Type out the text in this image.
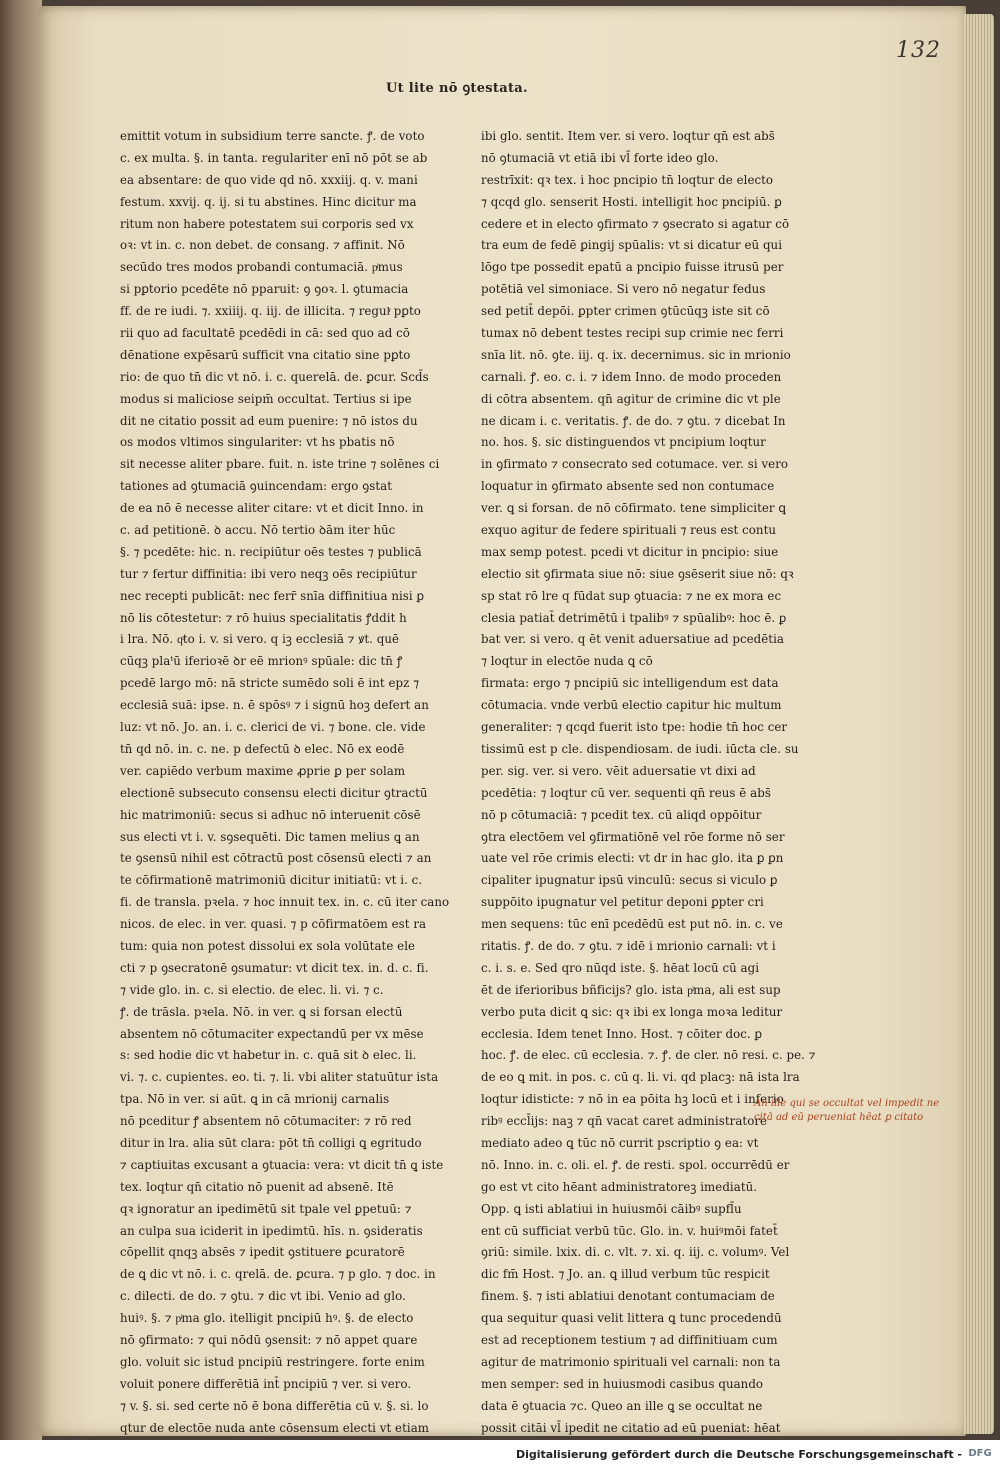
132
Ut lite nō ꝯtestata.
emittit votum in subsidium terre sancte. ꝭ. de voto
c. ex multa. §. in tanta. regulariter enī nō pōt se ab
ea absentare: de quo vide qd nō. xxxiij. q. v. mani
festum. xxvij. q. ij. si tu abstines. Hinc dicitur ma
ritum non habere potestatem sui corporis sed vx
oꝛ: vt in. c. non debet. de consang. ⁊ affinit. Nō
secūdo tres modos probandi contumaciā. pͥmus
si pꝑtorio pcedēte nō pparuit: ꝯ ꝯoꝛ. l. ꝯtumacia
ff. de re iudi. ⁊. xxiiij. q. iij. de illicita. ⁊ regulͬ pꝑto
rii quo ad facultatē pcedēdi in cā: sed quo ad cō
dēnatione expēsarū sufficit vna citatio sine pꝑto
rio: de quo tn̄ dic vt nō. i. c. querelā. de. ꝑcur. Scd̄s
modus si maliciose seipm̄ occultat. Tertius si ipe
dit ne citatio possit ad eum puenire: ⁊ nō istos du
os modos vltimos singulariter: vt hs pbatis nō
sit necesse aliter pbare. fuit. n. iste trine ⁊ solēnes ci
tationes ad ꝯtumaciā ꝯuincendam: ergo ꝯstat
de ea nō ē necesse aliter citare: vt et dicit Inno. in
c. ad petitionē. ꝺ accu. Nō tertio ꝺām iter hūc
§. ⁊ pcedēte: hic. n. recipiūtur oēs testes ⁊ publicā
tur ⁊ fertur diffinitia: ibi vero neqꝫ oēs recipiūtur
nec recepti publicāt: nec ferr̄ snīa diffinitiua nisi ꝑ
nō lis cōtestetur: ⁊ rō huius specialitatis ꝭddit h
i lra. Nō. qͦto i. v. si vero. q iꝫ ecclesiā ⁊ ꝟt. quē
cūqꝫ plaᵗū iferioꝛē ꝺr eē mrionꝰ spūale: dic tn̄ ꝭ
pcedē largo mō: nā stricte sumēdo soli ē int epz ⁊
ecclesiā suā: ipse. n. ē spōsꝰ ⁊ i signū hoꝫ defert an
luz: vt nō. Jo. an. i. c. clerici de vi. ⁊ bone. cle. vide
tn̄ qd nō. in. c. ne. p defectū ꝺ elec. Nō ex eodē
ver. capiēdo verbum maxime ꝓprie ꝑ per solam
electionē subsecuto consensu electi dicitur ꝯtractū
hic matrimoniū: secus si adhuc nō interuenit cōsē
sus electi vt i. v. sꝯsequēti. Dic tamen melius ꝗ an
te ꝯsensū nihil est cōtractū post cōsensū electi ⁊ an
te cōfirmationē matrimoniū dicitur initiatū: vt i. c.
fi. de transla. pꝛela. ⁊ hoc innuit tex. in. c. cū iter cano
nicos. de elec. in ver. quasi. ⁊ p cōfirmatōem est ra
tum: quia non potest dissolui ex sola volūtate ele
cti ⁊ p ꝯsecratonē ꝯsumatur: vt dicit tex. in. d. c. fi.
⁊ vide glo. in. c. si electio. de elec. li. vi. ⁊ c.
ꝭ. de trāsla. pꝛela. Nō. in ver. ꝗ si forsan electū
absentem nō cōtumaciter expectandū per vx mēse
s: sed hodie dic vt habetur in. c. quā sit ꝺ elec. li.
vi. ⁊. c. cupientes. eo. ti. ⁊. li. vbi aliter statuūtur ista
tpa. Nō in ver. si aūt. ꝗ in cā mrionij carnalis
nō pceditur ꝭ absentem nō cōtumaciter: ⁊ rō red
ditur in lra. alia sūt clara: pōt tn̄ colligi ꝗ egritudo
⁊ captiuitas excusant a ꝯtuacia: vera: vt dicit tn̄ ꝗ iste
tex. loqtur qn̄ citatio nō puenit ad absenē. Itē
qꝛ ignoratur an ipedimētū sit tpale vel ꝑpetuū: ⁊
an culpa sua iciderit in ipedimtū. hīs. n. ꝯsideratis
cōpellit qnqꝫ absēs ⁊ ipedit ꝯstituere ꝑcuratorē
de ꝗ dic vt nō. i. c. qrelā. de. ꝑcura. ⁊ p glo. ⁊ doc. in
c. dilecti. de do. ⁊ ꝯtu. ⁊ dic vt ibi. Venio ad glo.
huiꝰ. §. ⁊ pͥma glo. itelligit pncipiū hꝰ. §. de electo
nō ꝯfirmato: ⁊ qui nōdū ꝯsensit: ⁊ nō appet quare
glo. voluit sic istud pncipiū restringere. forte enim
voluit ponere differētiā int̄ pncipiū ⁊ ver. si vero.
⁊ v. §. si. sed certe nō ē bona differētia cū v. §. si. lo
qtur de electōe nuda ante cōsensum electi vt etiam
ibi glo. sentit. Item ver. si vero. loqtur qn̄ est abs̄
nō ꝯtumaciā vt etiā ibi vl̄ forte ideo glo.
restrīxit: qꝛ tex. i hoc pncipio tn̄ loqtur de electo
⁊ qcqd glo. senserit Hosti. intelligit hoc pncipiū. ꝑ
cedere et in electo ꝯfirmato ⁊ ꝯsecrato si agatur cō
tra eum de fedē ꝑingij spūalis: vt si dicatur eū qui
lōgo tpe possedit epatū a pncipio fuisse itrusū per
potētiā vel simoniace. Si vero nō negatur fedus
sed petit̄ depōi. ꝑpter crimen ꝯtūcūqꝫ iste sit cō
tumax nō debent testes recipi sup crimie nec ferri
snīa lit. nō. ꝯte. iij. q. ix. decernimus. sic in mrionio
carnali. ꝭ. eo. c. i. ⁊ idem Inno. de modo proceden
di cōtra absentem. qn̄ agitur de crimine dic vt ple
ne dicam i. c. veritatis. ꝭ. de do. ⁊ ꝯtu. ⁊ dicebat In
no. hos. §. sic distinguendos vt pncipium loqtur
in ꝯfirmato ⁊ consecrato sed cotumace. ver. si vero
loquatur in ꝯfirmato absente sed non contumace
ver. ꝗ si forsan. de nō cōfirmato. tene simpliciter ꝗ
exquo agitur de federe spirituali ⁊ reus est contu
max semp potest. pcedi vt dicitur in pncipio: siue
electio sit ꝯfirmata siue nō: siue ꝯsēserit siue nō: qꝛ
sp stat rō lre q fūdat sup ꝯtuacia: ⁊ ne ex mora ec
clesia patiat̄ detrimētū i tpalibꝰ ⁊ spūalibꝰ: hoc ē. ꝑ
bat ver. si vero. q ēt venit aduersatiue ad pcedētia
⁊ loqtur in electōe nuda ꝗ cō
firmata: ergo ⁊ pncipiū sic intelligendum est data
cōtumacia. vnde verbū electio capitur hic multum
generaliter: ⁊ qcqd fuerit isto tpe: hodie tn̄ hoc cer
tissimū est p cle. dispendiosam. de iudi. iūcta cle. su
per. sig. ver. si vero. vēit aduersatie vt dixi ad
pcedētia: ⁊ loqtur cū ver. sequenti qn̄ reus ē abs̄
nō p cōtumaciā: ⁊ pcedit tex. cū aliqd oppōitur
ꝯtra electōem vel ꝯfirmatiōnē vel rōe forme nō ser
uate vel rōe crimis electi: vt dr in hac glo. ita ꝑ ꝑn
cipaliter ipugnatur ipsū vinculū: secus si viculo ꝑ
suppōito ipugnatur vel petitur deponi ꝑpter cri
men sequens: tūc enī pcedēdū est put nō. in. c. ve
ritatis. ꝭ. de do. ⁊ ꝯtu. ⁊ idē i mrionio carnali: vt i
c. i. s. e. Sed qro nūqd iste. §. hēat locū cū agi̇
ēt de iferioribus bñficijs? glo. ista pͥma, ali est sup
verbo puta dicit ꝗ sic: qꝛ ibi ex longa moꝛa leditur
ecclesia. Idem tenet Inno. Host. ⁊ cōiter doc. ꝑ
hoc. ꝭ. de elec. cū ecclesia. ⁊. ꝭ. de cler. nō resi. c. pe. ⁊
de eo ꝗ mit. in pos. c. cū q. li. vi. qd placꝫ: nā ista lra
loqtur idisticte: ⁊ nō in ea pōita hꝫ locū et i inferio
ribꝰ eccl̄ijs: naꝫ ⁊ qn̄ vacat caret administratore
mediato adeo ꝗ tūc nō currit pscriptio ꝯ ea: vt
nō. Inno. in. c. oli. el. ꝭ. de resti. spol. occurrēdū er
go est vt cito hēant administratoreꝫ imediatū.
Opp. ꝗ isti ablatiui in huiusmōi cāibꝰ supfl̄u
ent cū sufficiat verbū tūc. Glo. in. v. huiꝰmōi fatet̄
ꝯriū: simile. lxix. di. c. vlt. ⁊. xi. q. iij. c. volumꝰ. Vel
dic fm̄ Host. ⁊ Jo. an. ꝗ illud verbum tūc respicit
finem. §. ⁊ isti ablatiui denotant contumaciam de
qua sequitur quasi velit littera ꝗ tunc procedendū
est ad receptionem testium ⁊ ad diffinitiuam cum
agitur de matrimonio spirituali vel carnali: non ta
men semper: sed in huiusmodi casibus quando
data ē ꝯtuacia ⁊c. Queo an ille ꝗ se occultat ne
possit citāi vl̄ ipedit ne citatio ad eū pueniat: hēat
An ille qui se occultat vel impedit ne
citā ad eū perueniat hēat ꝑ citato
Digitalisierung gefördert durch die Deutsche Forschungsgemeinschaft - DFG
